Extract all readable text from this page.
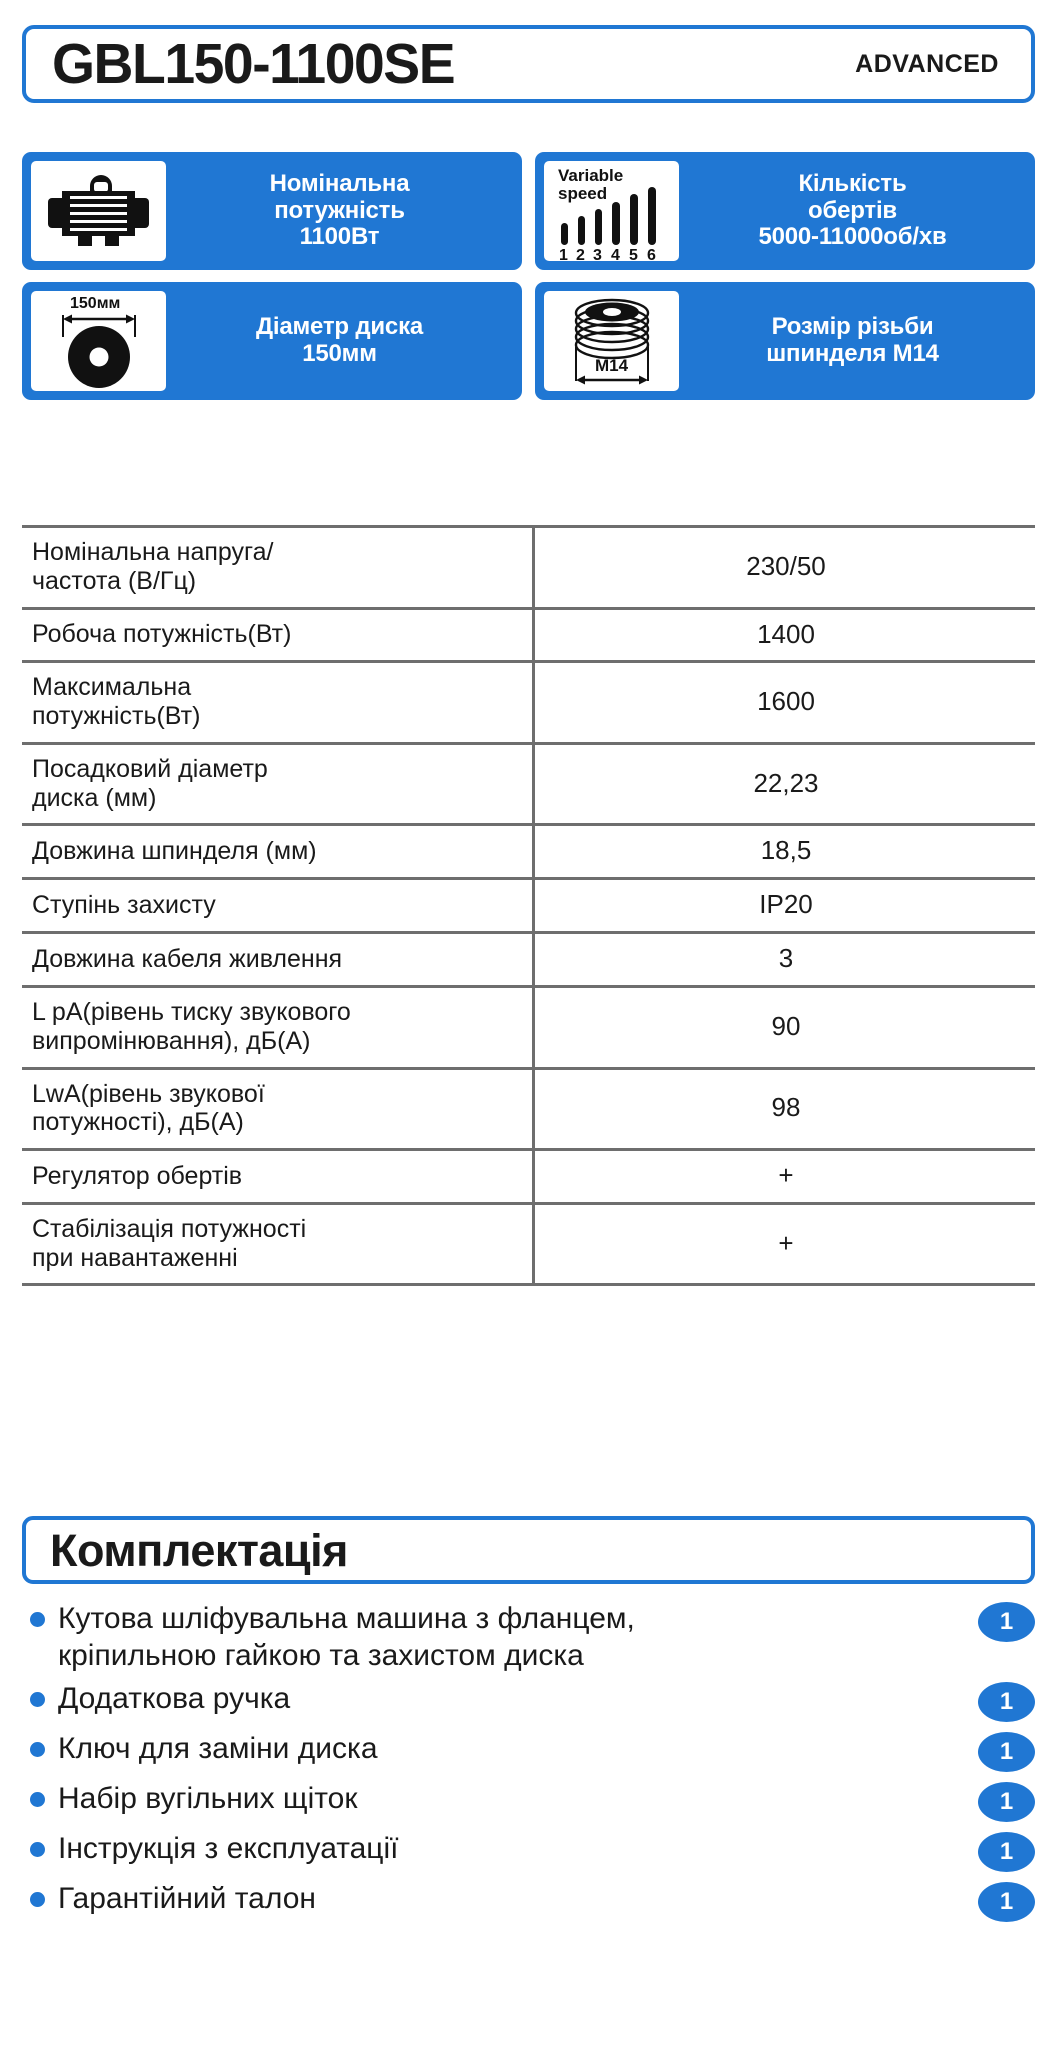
GBL150-1100SE	ADVANCED
Номінальна
потужність
1100Вт
Variable
speed
1 2 3 4 5 6
Кількість
обертів
5000-11000об/хв
150мм
Діаметр диска
150мм	M14
Розмір різьби
шпинделя M14
Номінальна напруга/
частота (В/Гц)	230/50
Робоча потужність(Вт)	1400
Максимальна
потужність(Вт)	1600
Посадковий діаметр
диска (мм)	22,23
Довжина шпинделя (мм)	18,5
Ступінь захисту	IP20
Довжина кабеля живлення	3
L pA(рівень тиску звукового
випромінювання), дБ(А)	90
LwA(рівень звукової
потужності), дБ(А)	98
Регулятор обертів	+
Стабілізація потужності
при навантаженні	+
Комплектація
Кутова шліфувальна машина з фланцем,
кріпильною гайкою та захистом диска
1
Додаткова ручка	1
Ключ для заміни диска	1
Набір вугільних щіток	1
Інструкція з експлуатації	1
Гарантійний талон	1
